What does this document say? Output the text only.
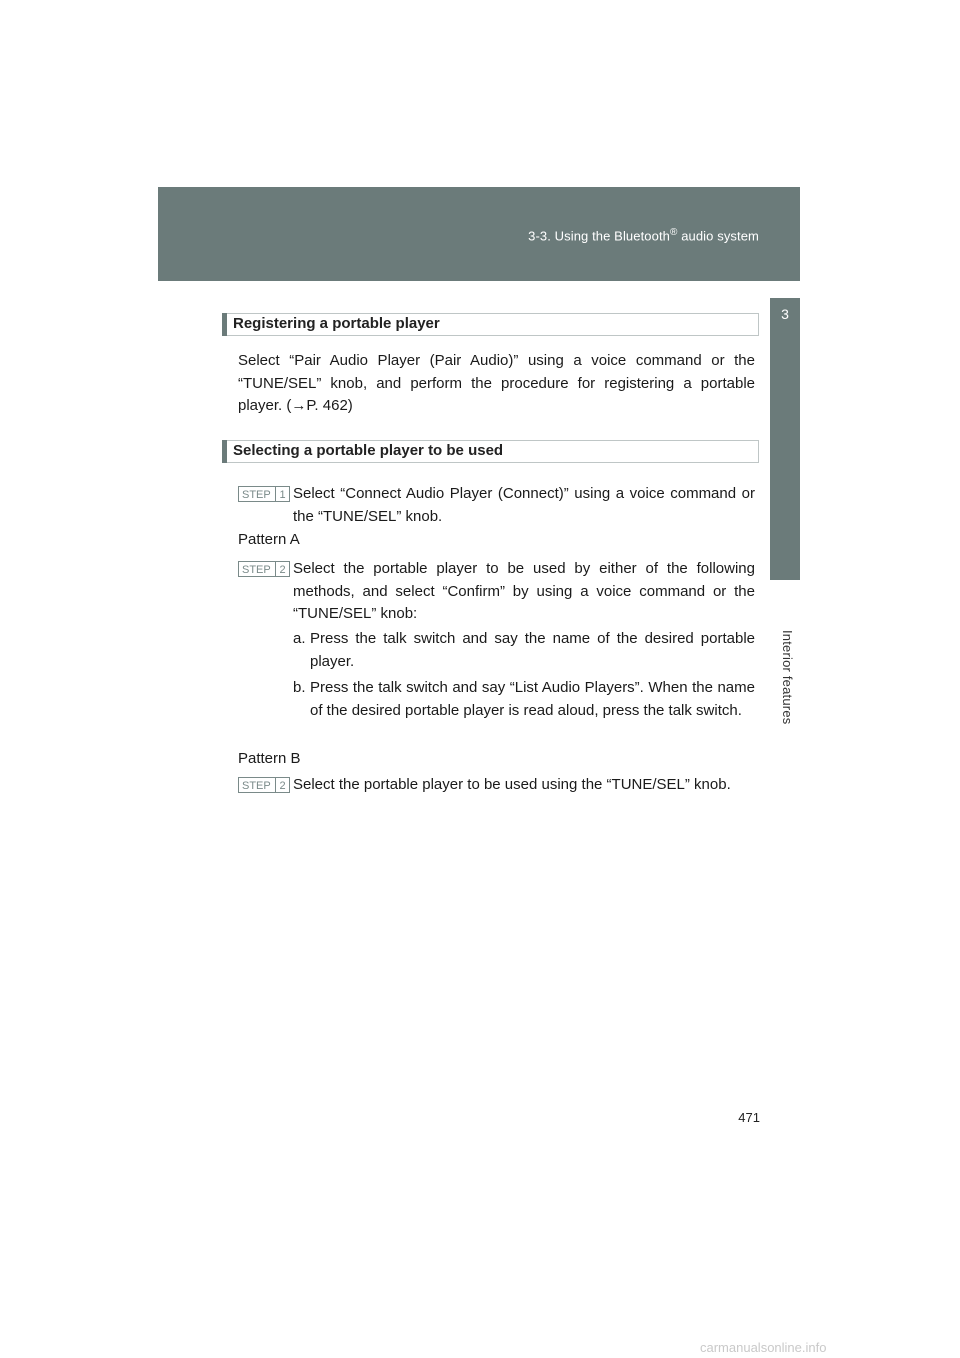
3-3. Using the Bluetooth® audio system
3
Interior features
Registering a portable player
Select “Pair Audio Player (Pair Audio)” using a voice command or the “TUNE/SEL” knob, and perform the procedure for registering a portable player. (→P. 462)
Selecting a portable player to be used
STEP 1 Select “Connect Audio Player (Connect)” using a voice command or the “TUNE/SEL” knob.
Pattern A
STEP 2 Select the portable player to be used by either of the following methods, and select “Confirm” by using a voice command or the “TUNE/SEL” knob:
a. Press the talk switch and say the name of the desired portable player.
b. Press the talk switch and say “List Audio Players”. When the name of the desired portable player is read aloud, press the talk switch.
Pattern B
STEP 2 Select the portable player to be used using the “TUNE/SEL” knob.
471
carmanualsonline.info
